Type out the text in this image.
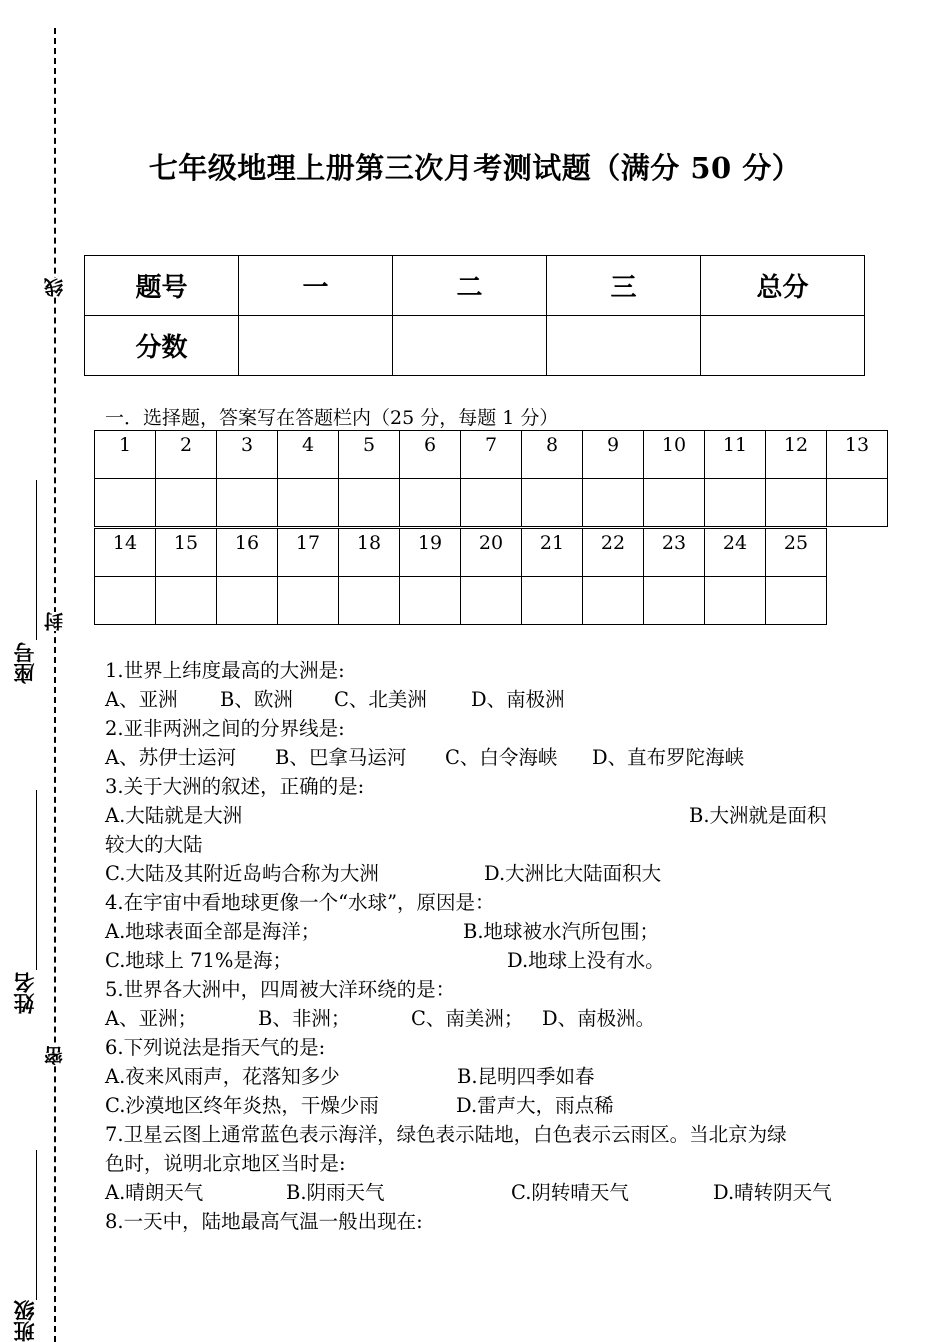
线
封
密
座号
姓名
班级
七年级地理上册第三次月考测试题（满分 50 分）
题号	一	二	三	总分
分数				
一．选择题，答案写在答题栏内（25 分，每题 1 分）
1	2	3	4	5	6	7	8	9	10	11	12	13

14	15	16	17	18	19	20	21	22	23	24	25

1.世界上纬度最高的大洲是:
A、亚洲 B、欧洲 C、北美洲 D、南极洲
2.亚非两洲之间的分界线是:
A、苏伊士运河 B、巴拿马运河 C、白令海峡 D、直布罗陀海峡
3.关于大洲的叙述，正确的是:
A.大陆就是大洲	B.大洲就是面积
较大的大陆
C.大陆及其附近岛屿合称为大洲	D.大洲比大陆面积大
4.在宇宙中看地球更像一个“水球”，原因是：
A.地球表面全部是海洋；	B.地球被水汽所包围；
C.地球上 71%是海；	D.地球上没有水。
5.世界各大洲中，四周被大洋环绕的是：
A、亚洲；	B、非洲；	C、南美洲； D、南极洲。
6.下列说法是指天气的是:
A.夜来风雨声，花落知多少	B.昆明四季如春
C.沙漠地区终年炎热，干燥少雨	D.雷声大，雨点稀
7.卫星云图上通常蓝色表示海洋，绿色表示陆地，白色表示云雨区。当北京为绿
色时，说明北京地区当时是:
A.晴朗天气	B.阴雨天气	C.阴转晴天气	D.晴转阴天气
8.一天中，陆地最高气温一般出现在:
